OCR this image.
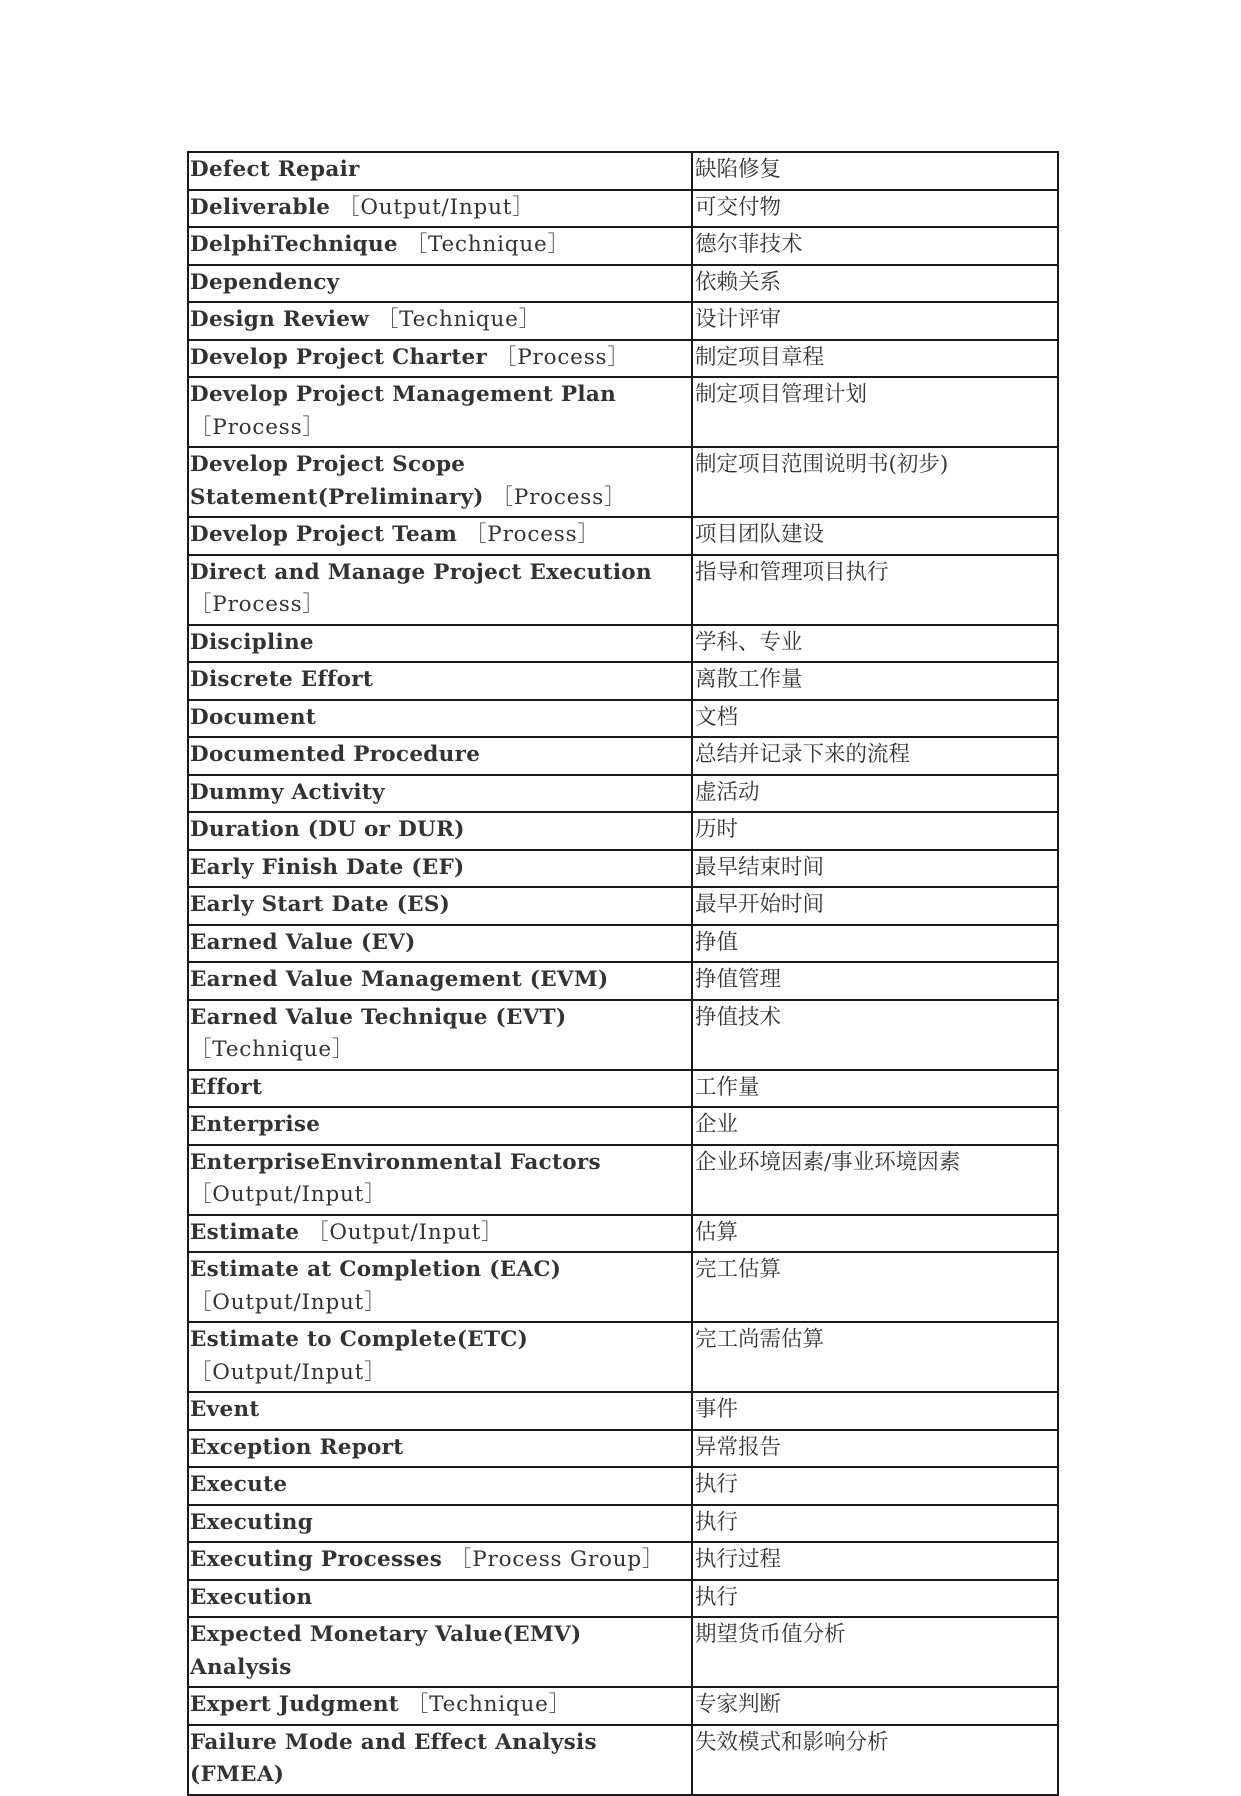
Defect Repair	缺陷修复
Deliverable ［Output/Input］	可交付物
DelphiTechnique ［Technique］	德尔菲技术
Dependency	依赖关系
Design Review ［Technique］	设计评审
Develop Project Charter ［Process］	制定项目章程
Develop Project Management Plan ［Process］	制定项目管理计划
Develop Project Scope Statement(Preliminary) ［Process］	制定项目范围说明书(初步)
Develop Project Team ［Process］	项目团队建设
Direct and Manage Project Execution ［Process］	指导和管理项目执行
Discipline	学科、专业
Discrete Effort	离散工作量
Document	文档
Documented Procedure	总结并记录下来的流程
Dummy Activity	虚活动
Duration (DU or DUR)	历时
Early Finish Date (EF)	最早结束时间
Early Start Date (ES)	最早开始时间
Earned Value (EV)	挣值
Earned Value Management (EVM)	挣值管理
Earned Value Technique (EVT) ［Technique］	挣值技术
Effort	工作量
Enterprise	企业
EnterpriseEnvironmental Factors ［Output/Input］	企业环境因素/事业环境因素
Estimate ［Output/Input］	估算
Estimate at Completion (EAC) ［Output/Input］	完工估算
Estimate to Complete(ETC) ［Output/Input］	完工尚需估算
Event	事件
Exception Report	异常报告
Execute	执行
Executing	执行
Executing Processes ［Process Group］	执行过程
Execution	执行
Expected Monetary Value(EMV) Analysis	期望货币值分析
Expert Judgment ［Technique］	专家判断
Failure Mode and Effect Analysis (FMEA)	失效模式和影响分析
